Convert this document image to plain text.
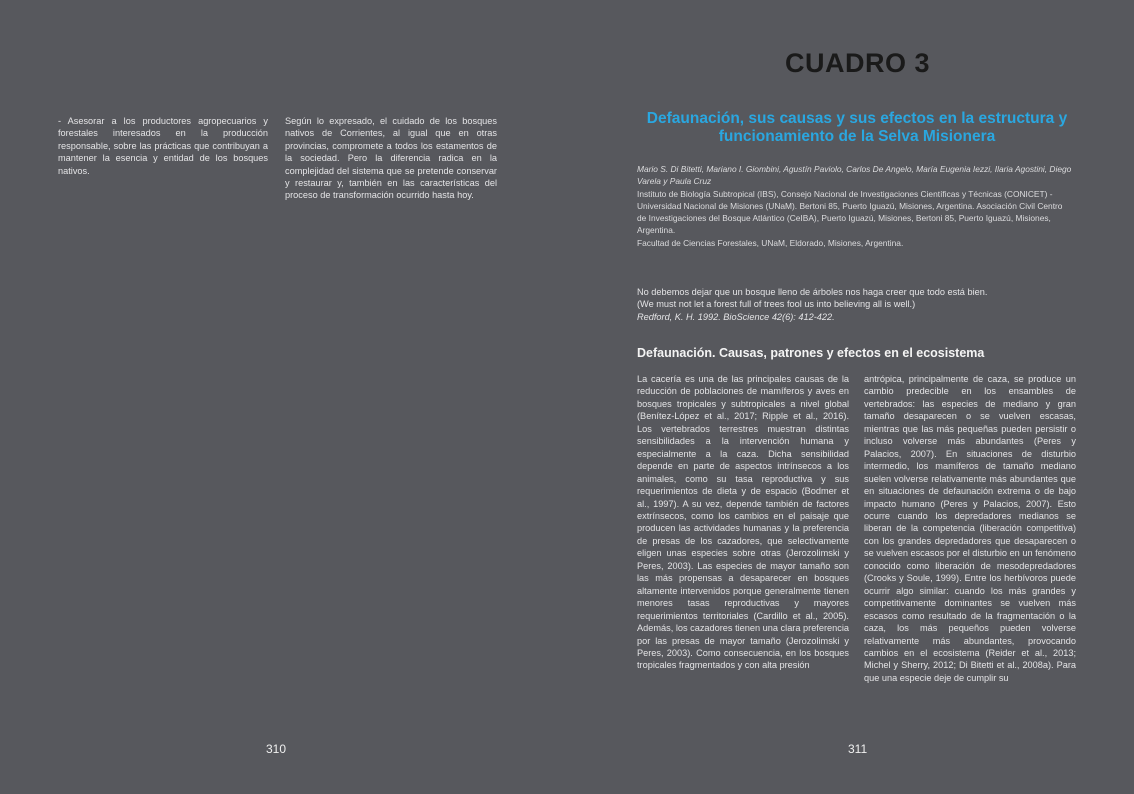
- Asesorar a los productores agropecuarios y forestales interesados en la producción responsable, sobre las prácticas que contribuyan a mantener la esencia y entidad de los bosques nativos.

Según lo expresado, el cuidado de los bosques nativos de Corrientes, al igual que en otras provincias, compromete a todos los estamentos de la sociedad. Pero la diferencia radica en la complejidad del sistema que se pretende conservar y restaurar y, también en las características del proceso de transformación ocurrido hasta hoy.

310
CUADRO 3
Defaunación, sus causas y sus efectos en la estructura y funcionamiento de la Selva Misionera
Mario S. Di Bitetti, Mariano I. Giombini, Agustín Paviolo, Carlos De Angelo, María Eugenia Iezzi, Ilaria Agostini, Diego Varela y Paula Cruz
Instituto de Biología Subtropical (IBS), Consejo Nacional de Investigaciones Científicas y Técnicas (CONICET) - Universidad Nacional de Misiones (UNaM). Bertoni 85, Puerto Iguazú, Misiones, Argentina. Asociación Civil Centro de Investigaciones del Bosque Atlántico (CeIBA), Puerto Iguazú, Misiones, Bertoni 85, Puerto Iguazú, Misiones, Argentina.
Facultad de Ciencias Forestales, UNaM, Eldorado, Misiones, Argentina.
No debemos dejar que un bosque lleno de árboles nos haga creer que todo está bien.
(We must not let a forest full of trees fool us into believing all is well.)
Redford, K. H. 1992. BioScience 42(6): 412-422.
Defaunación. Causas, patrones y efectos en el ecosistema
La cacería es una de las principales causas de la reducción de poblaciones de mamíferos y aves en bosques tropicales y subtropicales a nivel global (Benítez-López et al., 2017; Ripple et al., 2016). Los vertebrados terrestres muestran distintas sensibilidades a la intervención humana y especialmente a la caza. Dicha sensibilidad depende en parte de aspectos intrínsecos a los animales, como su tasa reproductiva y sus requerimientos de dieta y de espacio (Bodmer et al., 1997). A su vez, depende también de factores extrínsecos, como los cambios en el paisaje que producen las actividades humanas y la preferencia de presas de los cazadores, que selectivamente eligen unas especies sobre otras (Jerozolimski y Peres, 2003). Las especies de mayor tamaño son las más propensas a desaparecer en bosques altamente intervenidos porque generalmente tienen menores tasas reproductivas y mayores requerimientos territoriales (Cardillo et al., 2005). Además, los cazadores tienen una clara preferencia por las presas de mayor tamaño (Jerozolimski y Peres, 2003). Como consecuencia, en los bosques tropicales fragmentados y con alta presión
antrópica, principalmente de caza, se produce un cambio predecible en los ensambles de vertebrados: las especies de mediano y gran tamaño desaparecen o se vuelven escasas, mientras que las más pequeñas pueden persistir o incluso volverse más abundantes (Peres y Palacios, 2007). En situaciones de disturbio intermedio, los mamíferos de tamaño mediano suelen volverse relativamente más abundantes que en situaciones de defaunación extrema o de bajo impacto humano (Peres y Palacios, 2007). Esto ocurre cuando los depredadores medianos se liberan de la competencia (liberación competitiva) con los grandes depredadores que desaparecen o se vuelven escasos por el disturbio en un fenómeno conocido como liberación de mesodepredadores (Crooks y Soule, 1999). Entre los herbívoros puede ocurrir algo similar: cuando los más grandes y competitivamente dominantes se vuelven más escasos como resultado de la fragmentación o la caza, los más pequeños pueden volverse relativamente más abundantes, provocando cambios en el ecosistema (Reider et al., 2013; Michel y Sherry, 2012; Di Bitetti et al., 2008a). Para que una especie deje de cumplir su
311
